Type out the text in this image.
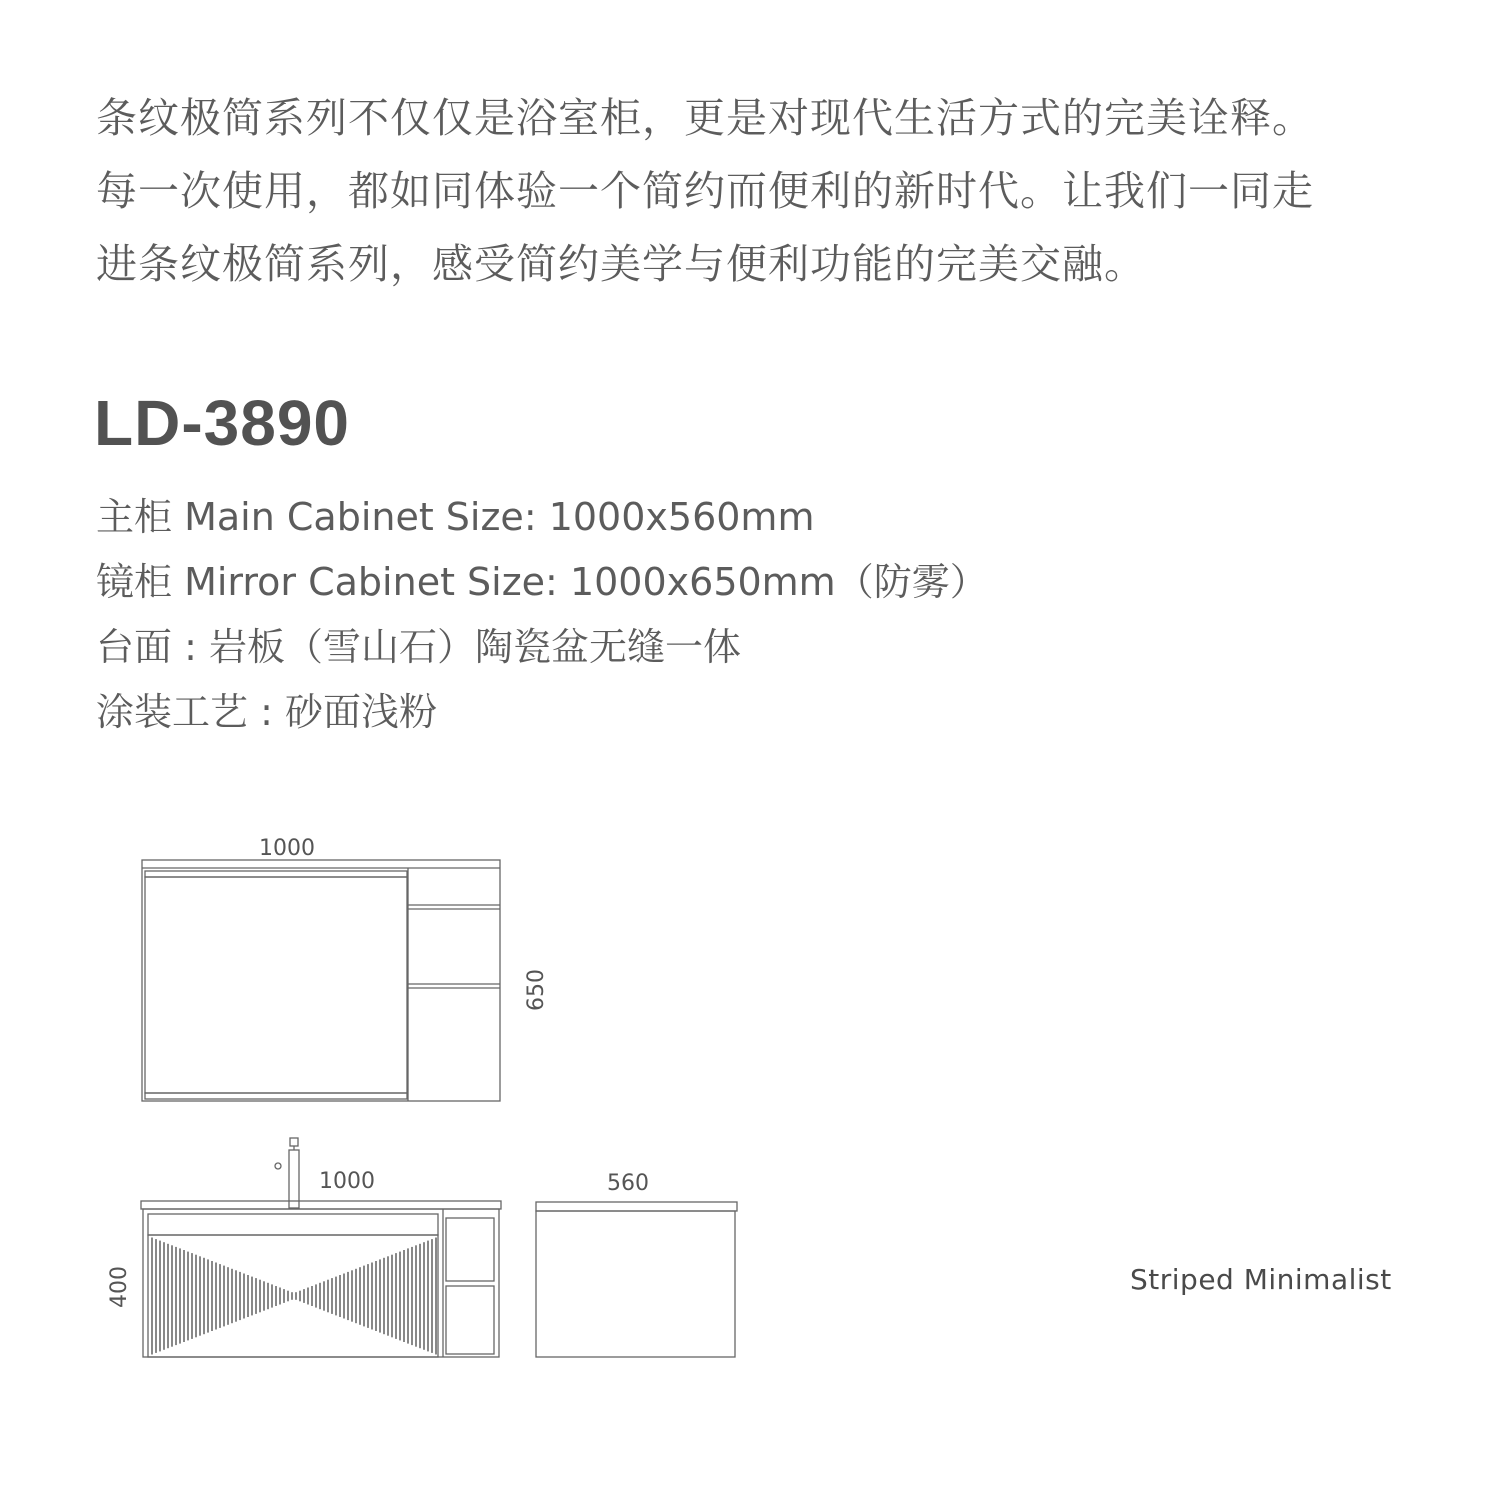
条纹极简系列不仅仅是浴室柜，更是对现代生活方式的完美诠释。

每一次使用，都如同体验一个简约而便利的新时代。让我们一同走

进条纹极简系列，感受简约美学与便利功能的完美交融。

LD-3890

主柜 Main Cabinet Size: 1000x560mm

镜柜 Mirror Cabinet Size: 1000x650mm（防雾）

台面 : 岩板（雪山石）陶瓷盆无缝一体

涂装工艺 : 砂面浅粉

1000
650
1000
400
560

Striped Minimalist
